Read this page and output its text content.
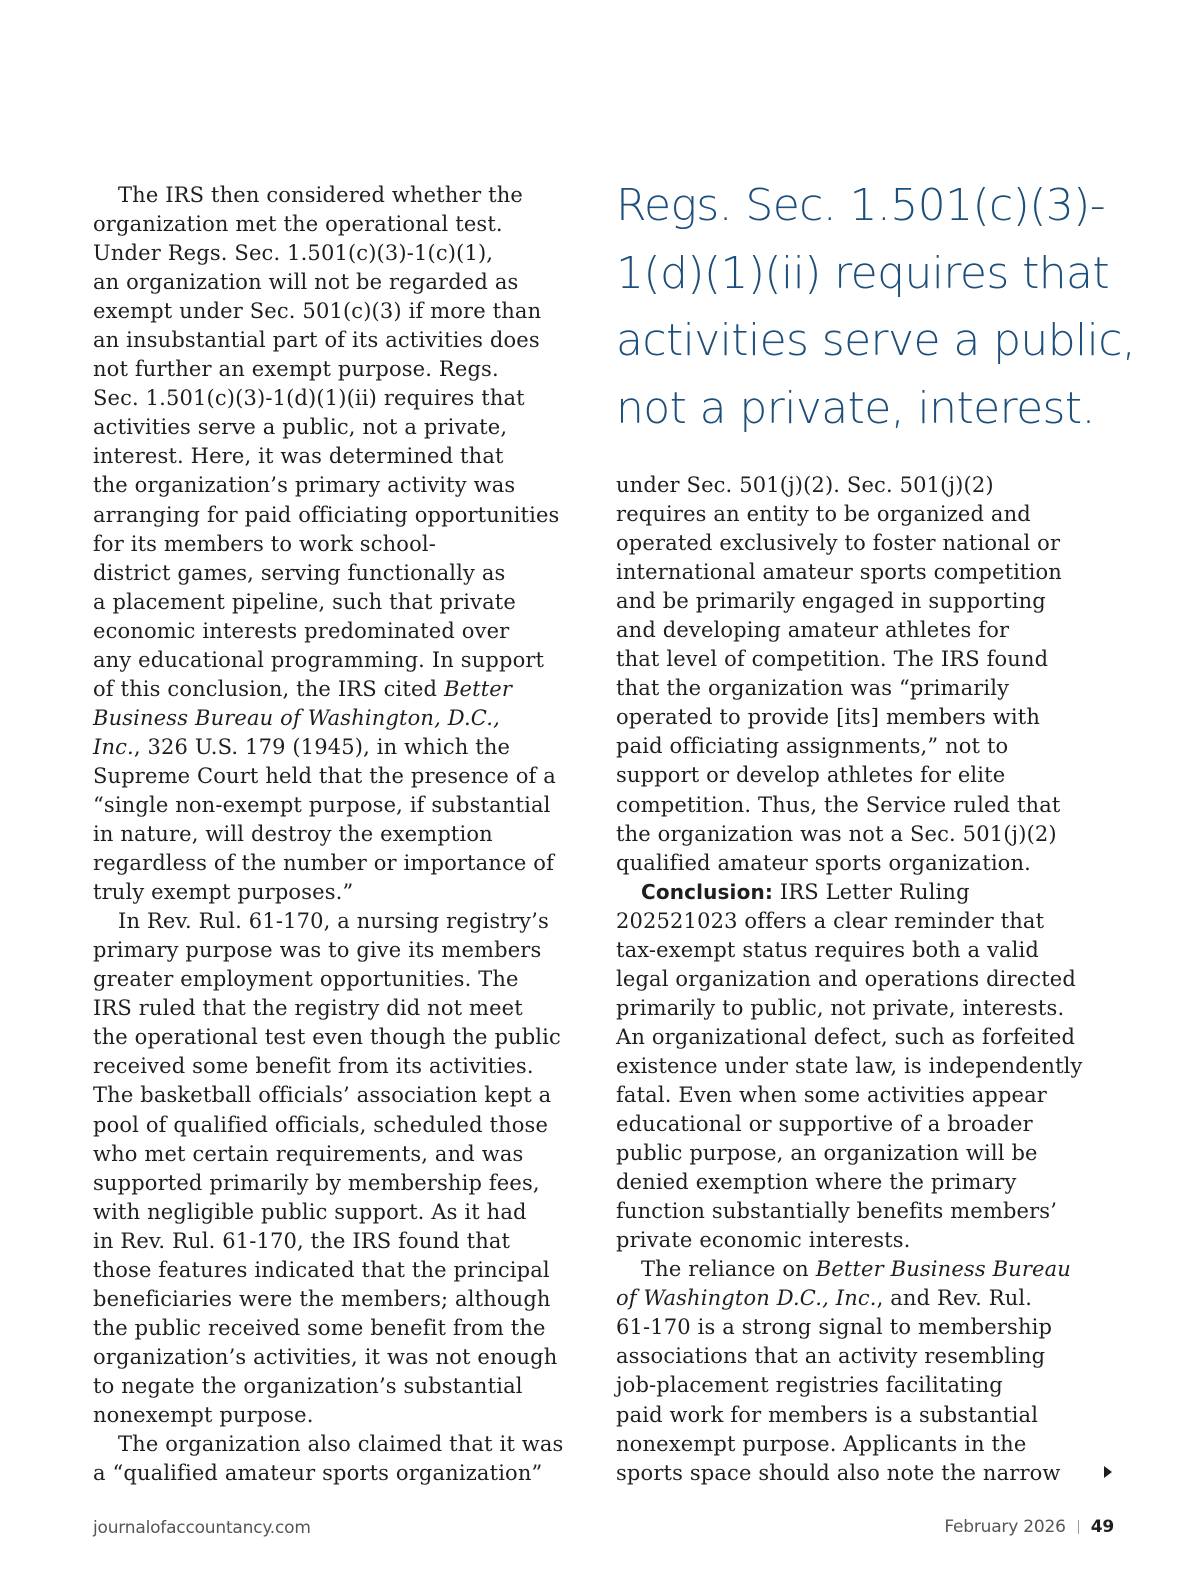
The IRS then considered whether the
organization met the operational test.
Under Regs. Sec. 1.501(c)(3)-1(c)(1),
an organization will not be regarded as
exempt under Sec. 501(c)(3) if more than
an insubstantial part of its activities does
not further an exempt purpose. Regs.
Sec. 1.501(c)(3)-1(d)(1)(ii) requires that
activities serve a public, not a private,
interest. Here, it was determined that
the organization’s primary activity was
arranging for paid officiating opportunities
for its members to work school-
district games, serving functionally as
a placement pipeline, such that private
economic interests predominated over
any educational programming. In support
of this conclusion, the IRS cited Better
Business Bureau of Washington, D.C.,
Inc., 326 U.S. 179 (1945), in which the
Supreme Court held that the presence of a
“single non-exempt purpose, if substantial
in nature, will destroy the exemption
regardless of the number or importance of
truly exempt purposes.”
In Rev. Rul. 61-170, a nursing registry’s
primary purpose was to give its members
greater employment opportunities. The
IRS ruled that the registry did not meet
the operational test even though the public
received some benefit from its activities.
The basketball officials’ association kept a
pool of qualified officials, scheduled those
who met certain requirements, and was
supported primarily by membership fees,
with negligible public support. As it had
in Rev. Rul. 61-170, the IRS found that
those features indicated that the principal
beneficiaries were the members; although
the public received some benefit from the
organization’s activities, it was not enough
to negate the organization’s substantial
nonexempt purpose.
The organization also claimed that it was
a “qualified amateur sports organization”
Regs. Sec. 1.501(c)(3)-
1(d)(1)(ii) requires that
activities serve a public,
not a private, interest.
under Sec. 501(j)(2). Sec. 501(j)(2)
requires an entity to be organized and
operated exclusively to foster national or
international amateur sports competition
and be primarily engaged in supporting
and developing amateur athletes for
that level of competition. The IRS found
that the organization was “primarily
operated to provide [its] members with
paid officiating assignments,” not to
support or develop athletes for elite
competition. Thus, the Service ruled that
the organization was not a Sec. 501(j)(2)
qualified amateur sports organization.
Conclusion: IRS Letter Ruling
202521023 offers a clear reminder that
tax-exempt status requires both a valid
legal organization and operations directed
primarily to public, not private, interests.
An organizational defect, such as forfeited
existence under state law, is independently
fatal. Even when some activities appear
educational or supportive of a broader
public purpose, an organization will be
denied exemption where the primary
function substantially benefits members’
private economic interests.
The reliance on Better Business Bureau
of Washington D.C., Inc., and Rev. Rul.
61-170 is a strong signal to membership
associations that an activity resembling
job-placement registries facilitating
paid work for members is a substantial
nonexempt purpose. Applicants in the
sports space should also note the narrow
journalofaccountancy.com	February 2026 49
